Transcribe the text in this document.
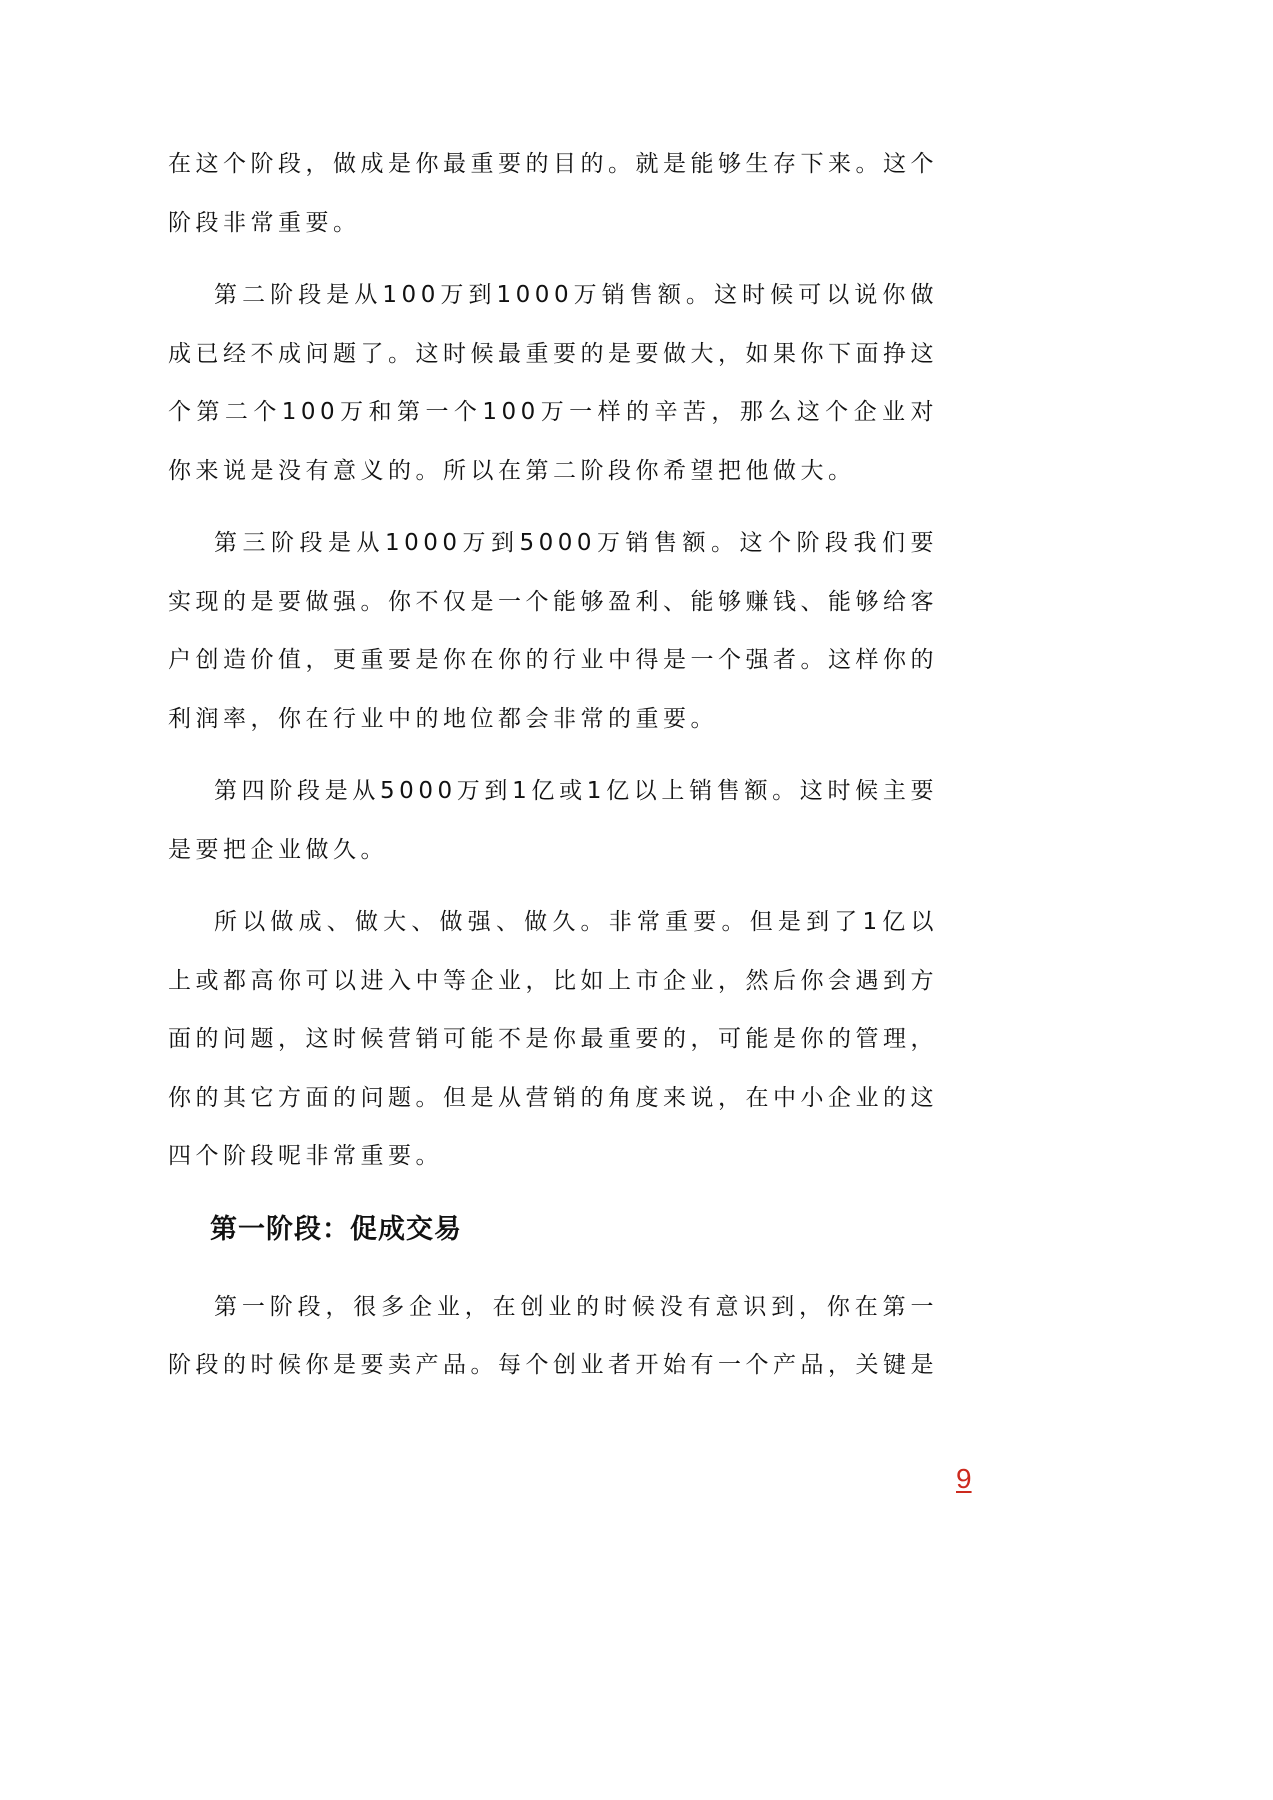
在这个阶段，做成是你最重要的目的。就是能够生存下来。这个阶段非常重要。

第二阶段是从100万到1000万销售额。这时候可以说你做成已经不成问题了。这时候最重要的是要做大，如果你下面挣这个第二个100万和第一个100万一样的辛苦，那么这个企业对你来说是没有意义的。所以在第二阶段你希望把他做大。

第三阶段是从1000万到5000万销售额。这个阶段我们要实现的是要做强。你不仅是一个能够盈利、能够赚钱、能够给客户创造价值，更重要是你在你的行业中得是一个强者。这样你的利润率，你在行业中的地位都会非常的重要。

第四阶段是从5000万到1亿或1亿以上销售额。这时候主要是要把企业做久。

所以做成、做大、做强、做久。非常重要。但是到了1亿以上或都高你可以进入中等企业，比如上市企业，然后你会遇到方面的问题，这时候营销可能不是你最重要的，可能是你的管理，你的其它方面的问题。但是从营销的角度来说，在中小企业的这四个阶段呢非常重要。

第一阶段：促成交易

第一阶段，很多企业，在创业的时候没有意识到，你在第一阶段的时候你是要卖产品。每个创业者开始有一个产品，关键是

9
